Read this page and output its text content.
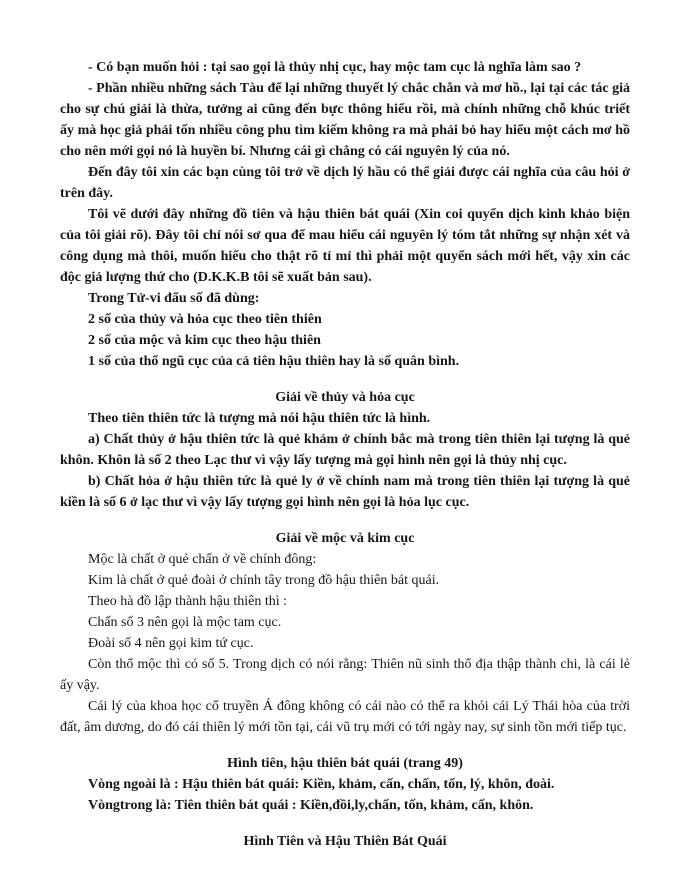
- Có bạn muốn hỏi : tại sao gọi là thủy nhị cục, hay mộc tam cục là nghĩa làm sao ?

- Phần nhiều những sách Tàu để lại những thuyết lý chắc chắn và mơ hồ., lại tại các tác giả cho sự chú giải là thừa, tưởng ai cũng đến bực thông hiểu rồi, mà chính những chỗ khúc triết ấy mà học giả phải tốn nhiều công phu tìm kiếm không ra mà phải bỏ hay hiểu một cách mơ hồ cho nên mới gọi nó là huyền bí. Nhưng cái gì chẳng có cái nguyên lý của nó.

Đến đây tôi xin các bạn cùng tôi trở về dịch lý hầu có thể giải được cái nghĩa của câu hỏi ở trên đây.

Tôi vẽ dưới đây những đồ tiên và hậu thiên bát quái (Xin coi quyển dịch kinh khảo biện của tôi giải rõ). Đây tôi chỉ nói sơ qua để mau hiểu cái nguyên lý tóm tắt những sự nhận xét và công dụng mà thôi, muốn hiểu cho thật rõ tỉ mỉ thì phải một quyển sách mới hết, vậy xin các độc giả lượng thứ cho (D.K.K.B tôi sẽ xuất bản sau).

Trong Tử-vi đẩu số đã dùng:
2 số của thủy và hỏa cục theo tiên thiên
2 số của mộc và kim cục theo hậu thiên
1 số của thổ ngũ cục của cả tiên hậu thiên hay là số quân bình.
Giải về thủy và hỏa cục
Theo tiên thiên tức là tượng mà nói hậu thiên tức là hình.

a) Chất thủy ở hậu thiên tức là quẻ khảm ở chính bắc mà trong tiên thiên lại tượng là quẻ khôn. Khôn là số 2 theo Lạc thư vì vậy lấy tượng mà gọi hình nên gọi là thủy nhị cục.

b) Chất hỏa ở hậu thiên tức là quẻ ly ở về chính nam mà trong tiên thiên lại tượng là quẻ kiền là số 6 ở lạc thư vì vậy lấy tượng gọi hình nên gọi là hỏa lục cục.

Giải về mộc và kim cục
Mộc là chất ở quẻ chấn ở về chính đông:
Kim là chất ở quẻ đoài ở chính tây trong đồ hậu thiên bát quái.
Theo hà đồ lập thành hậu thiên thì :
Chấn số 3 nên gọi là mộc tam cục.
Đoài số 4 nên gọi kim tứ cục.

Còn thổ mộc thì có số 5. Trong dịch có nói rằng: Thiên nũ sinh thổ địa thập thành chi, là cái lẻ ấy vậy.

Cái lý của khoa học cổ truyền Á đông không có cái nào có thể ra khỏi cái Lý Thái hòa của trời đất, âm dương, do đó cái thiên lý mới tồn tại, cái vũ trụ mới có tới ngày nay, sự sinh tồn mới tiếp tục.

Hình tiên, hậu thiên bát quái (trang 49)
Vòng ngoài là : Hậu thiên bát quái: Kiền, khảm, cấn, chấn, tốn, lý, khôn, đoài.
Vòngtrong là: Tiên thiên bát quái : Kiền,đồi,ly,chấn, tốn, khảm, cấn, khôn.
Hình Tiên và Hậu Thiên Bát Quái
